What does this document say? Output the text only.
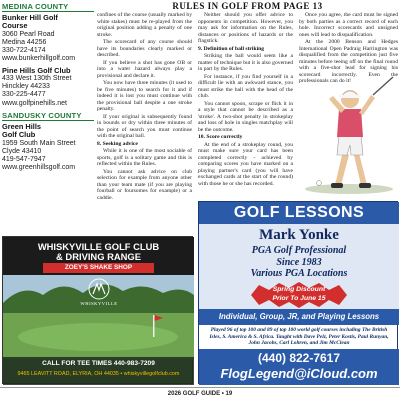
MEDINA COUNTY
Bunker Hill Golf
Course
3060 Pearl Road
Medina 44256
330-722-4174
www.bunkerhillgolf.com
Pine Hills Golf Club
433 West 130th Street
Hinckley 44233
330-225-4477
www.golfpinehills.net
SANDUSKY COUNTY
Green Hills
Golf Club
1959 South Main Street
Clyde 43410
419-547-7947
www.greenhillsgolf.com
RULES IN GOLF FROM PAGE 13

confines of the course (usually marked by white stakes) must be re-played from the original position adding a penalty of one stroke.

The scorecard of any course should have its boundaries clearly marked or described.

If you believe a shot has gone OB or into a water hazard always play a provisional and declare it.

You now have three minutes (it used to be five minutes) to search for it and if indeed it is lost you must continue with the provisional ball despite a one stroke penalty.

If your original is subsequently found in bounds or dry within three minutes of the point of search you must continue with the original ball.

8. Seeking advice

While it is one of the most sociable of sports, golf is a solitary game and this is reflected within the Rules.

You cannot ask advice on club selection for example from anyone other than your team mate (if you are playing fourball or foursomes for example) or a caddie.

Neither should you offer advice to opponents in competition. However, you may ask for information on the Rules, distances or positions of hazards or the flagstick.

9. Definition of ball striking

Striking the ball would seem like a matter of technique but it is also governed in part by the Rules.

For instance, if you find yourself in a difficult lie with an awkward stance, you must strike the ball with the head of the club.

You cannot spoon, scrape or flick it in a style that cannot be described as a 'stroke'. A two-shot penalty in strokeplay and loss of hole in singles matchplay will be the outcome.

10. Score correctly

At the end of a strokeplay round, you must make sure your card has been completed correctly - achieved by comparing scores you have marked on a playing partner's card (you will have exchanged cards at the start of the round) with those he or she has recorded.

Once you agree, the card must be signed by both parties as a correct record of each hole. Incorrect scorecards and unsigned ones will lead to disqualification.

At the 2000 Benson and Hedges International Open Padraig Harrington was disqualified from the competition just five minutes before teeing off on the final round with a five-shot lead for signing his scorecard incorrectly. Even the professionals can do it!

WHISKYVILLE GOLF CLUB
& DRIVING RANGE
ZOEY'S SHAKE SHOP
WHISKYVILLE
CALL FOR TEE TIMES 440-983-7209
9465 LEAVITT ROAD, ELYRIA, OH 44035 • whiskyvillegolfclub.com
GOLF LESSONS
Mark Yonke
PGA Golf Professional
Since 1983
Various PGA Locations
Spring Discount
Prior To June 15
Individual, Group, JR, and Playing Lessons
Played 96 of top 100 and 89 of top 100 world golf courses including The British Isles, S. America & S. Africa. Taught with Dave Pelz, Peter Kostis, Paul Runyan, John Jacobs, Carl Lohren, and Jim McClean
(440) 822-7617
FlogLegend@iCloud.com
2026 GOLF GUIDE • 19
